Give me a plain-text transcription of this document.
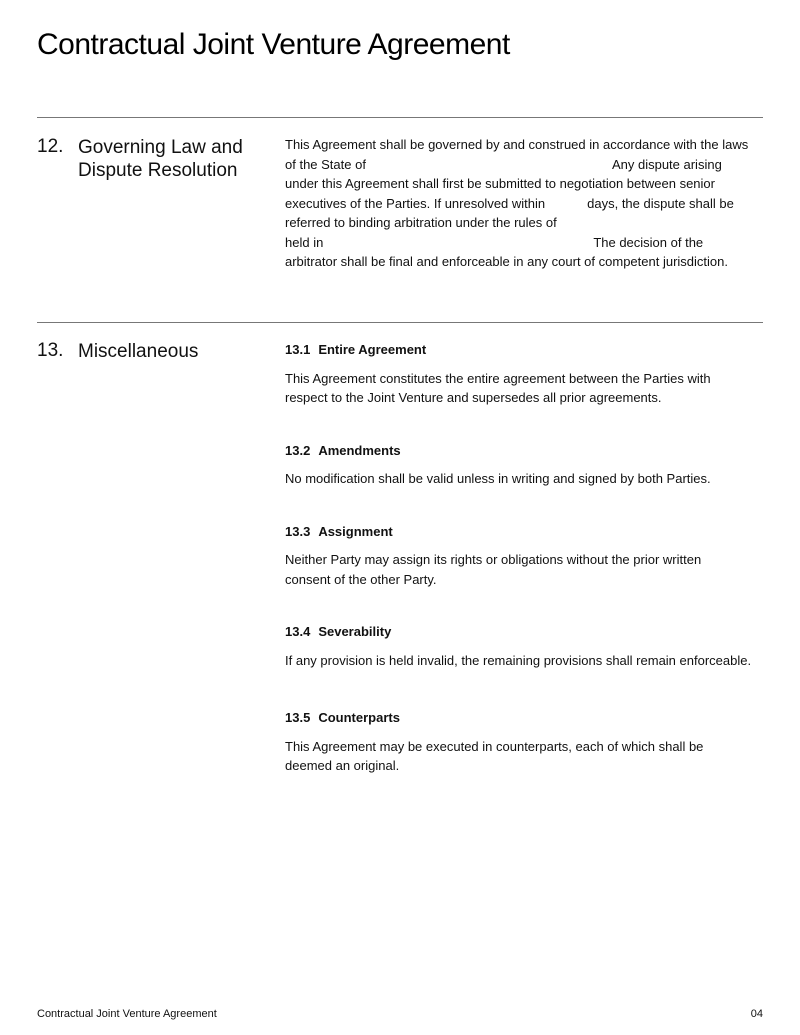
Contractual Joint Venture Agreement
12. Governing Law and Dispute Resolution
This Agreement shall be governed by and construed in accordance with the laws
of the State of	Any dispute arising
under this Agreement shall first be submitted to negotiation between senior
executives of the Parties. If unresolved within	days, the dispute shall be
referred to binding arbitration under the rules of
held in	The decision of the
arbitrator shall be final and enforceable in any court of competent jurisdiction.
13. Miscellaneous	13.1 Entire Agreement
This Agreement constitutes the entire agreement between the Parties with respect to the Joint Venture and supersedes all prior agreements.
13.2 Amendments
No modification shall be valid unless in writing and signed by both Parties.
13.3 Assignment
Neither Party may assign its rights or obligations without the prior written consent of the other Party.
13.4 Severability
If any provision is held invalid, the remaining provisions shall remain enforceable.
13.5 Counterparts
This Agreement may be executed in counterparts, each of which shall be deemed an original.
Contractual Joint Venture Agreement	04
